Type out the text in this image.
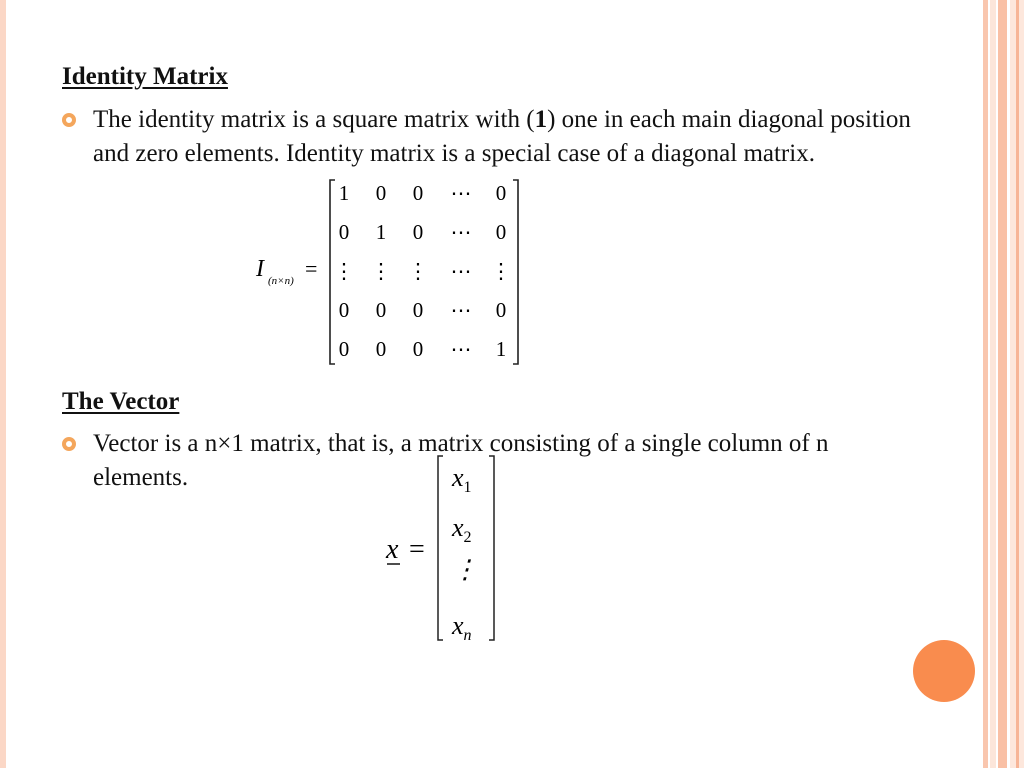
Identity Matrix
The identity matrix is a square matrix with (1) one in each main diagonal position and zero elements. Identity matrix is a special case of a diagonal matrix.
I (n×n) =
1 0 0 ⋯ 0
0 1 0 ⋯ 0
⋮ ⋮ ⋮ ⋯ ⋮
0 0 0 ⋯ 0
0 0 0 ⋯ 1
The Vector
Vector is a n×1 matrix, that is, a matrix consisting of a single column of n elements.
x =
$x_1$
$x_2$
⋮
$x_n$
